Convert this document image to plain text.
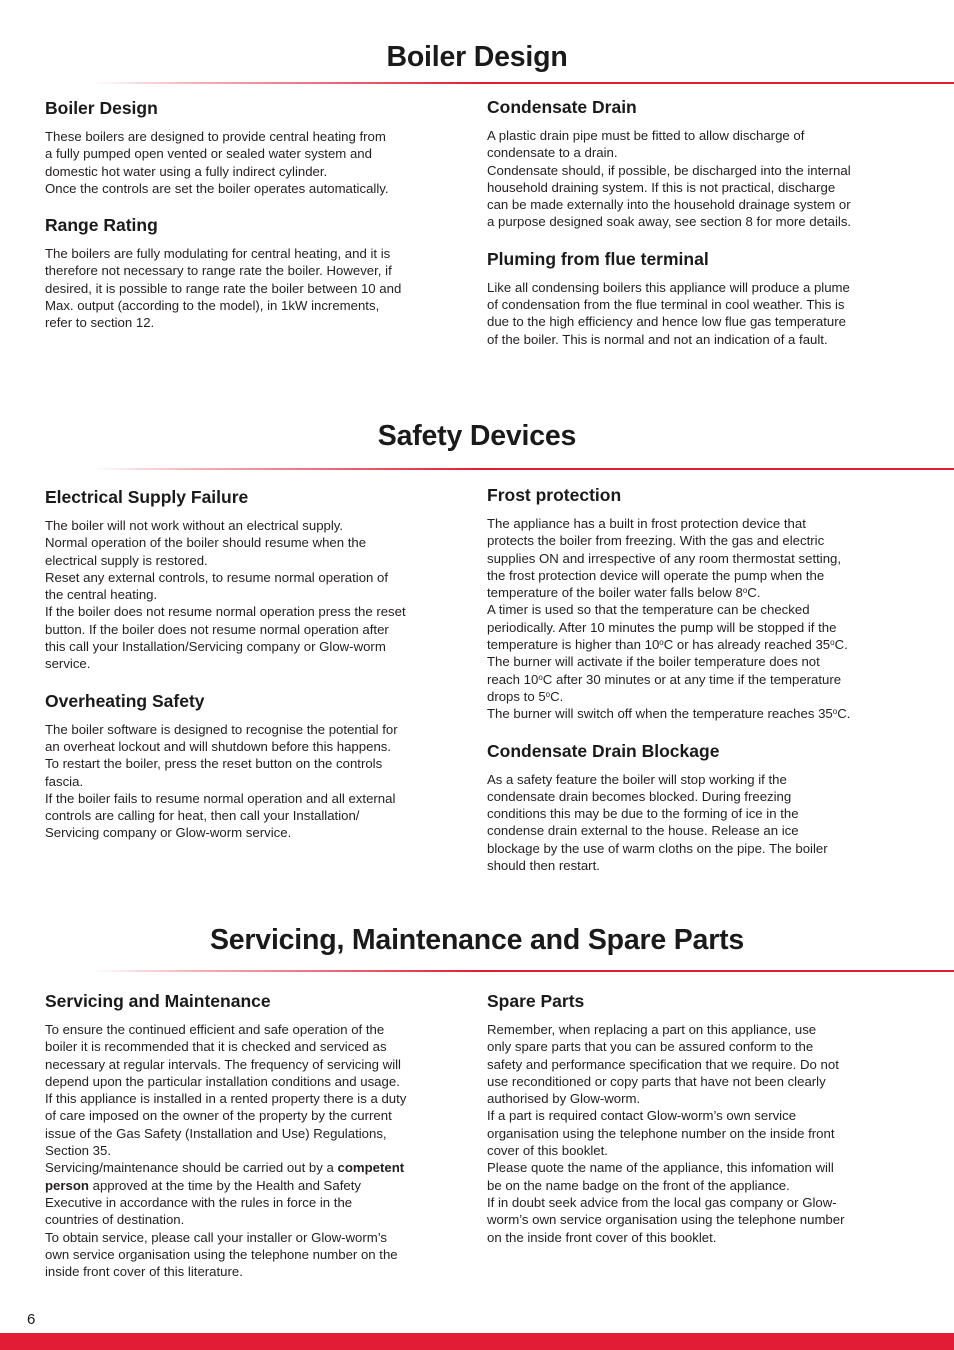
Boiler Design
Boiler Design
These boilers are designed to provide central heating from
a fully pumped open vented or sealed water system and
domestic hot water using a fully indirect cylinder.
Once the controls are set the boiler operates automatically.
Range Rating
The boilers are fully modulating for central heating, and it is
therefore not necessary to range rate the boiler. However, if
desired, it is possible to range rate the boiler between 10 and
Max. output (according to the model), in 1kW increments,
refer to section 12.
Condensate Drain
A plastic drain pipe must be fitted to allow discharge of
condensate to a drain.
Condensate should, if possible, be discharged into the internal
household draining system. If this is not practical, discharge
can be made externally into the household drainage system or
a purpose designed soak away, see section 8 for more details.
Pluming from flue terminal
Like all condensing boilers this appliance will produce a plume
of condensation from the flue terminal in cool weather. This is
due to the high efficiency and hence low flue gas temperature
of the boiler. This is normal and not an indication of a fault.
Safety Devices
Electrical Supply Failure
The boiler will not work without an electrical supply.
Normal operation of the boiler should resume when the
electrical supply is restored.
Reset any external controls, to resume normal operation of
the central heating.
If the boiler does not resume normal operation press the reset
button. If the boiler does not resume normal operation after
this call your Installation/Servicing company or Glow-worm
service.
Overheating Safety
The boiler software is designed to recognise the potential for
an overheat lockout and will shutdown before this happens.
To restart the boiler, press the reset button on the controls
fascia.
If the boiler fails to resume normal operation and all external
controls are calling for heat, then call your Installation/
Servicing company or Glow-worm service.
Frost protection
The appliance has a built in frost protection device that
protects the boiler from freezing. With the gas and electric
supplies ON and irrespective of any room thermostat setting,
the frost protection device will operate the pump when the
temperature of the boiler water falls below 8$^o$C.
A timer is used so that the temperature can be checked
periodically. After 10 minutes the pump will be stopped if the
temperature is higher than 10$^o$C or has already reached 35$^o$C.
The burner will activate if the boiler temperature does not
reach 10$^o$C after 30 minutes or at any time if the temperature
drops to 5$^o$C.
The burner will switch off when the temperature reaches 35$^o$C.
Condensate Drain Blockage
As a safety feature the boiler will stop working if the
condensate drain becomes blocked. During freezing
conditions this may be due to the forming of ice in the
condense drain external to the house. Release an ice
blockage by the use of warm cloths on the pipe. The boiler
should then restart.
Servicing, Maintenance and Spare Parts
Servicing and Maintenance
To ensure the continued efficient and safe operation of the
boiler it is recommended that it is checked and serviced as
necessary at regular intervals. The frequency of servicing will
depend upon the particular installation conditions and usage.
If this appliance is installed in a rented property there is a duty
of care imposed on the owner of the property by the current
issue of the Gas Safety (Installation and Use) Regulations,
Section 35.
Servicing/maintenance should be carried out by a competent
person approved at the time by the Health and Safety
Executive in accordance with the rules in force in the
countries of destination.
To obtain service, please call your installer or Glow-worm’s
own service organisation using the telephone number on the
inside front cover of this literature.
Spare Parts
Remember, when replacing a part on this appliance, use
only spare parts that you can be assured conform to the
safety and performance specification that we require. Do not
use reconditioned or copy parts that have not been clearly
authorised by Glow-worm.
If a part is required contact Glow-worm’s own service
organisation using the telephone number on the inside front
cover of this booklet.
Please quote the name of the appliance, this infomation will
be on the name badge on the front of the appliance.
If in doubt seek advice from the local gas company or Glow-
worm’s own service organisation using the telephone number
on the inside front cover of this booklet.
6
